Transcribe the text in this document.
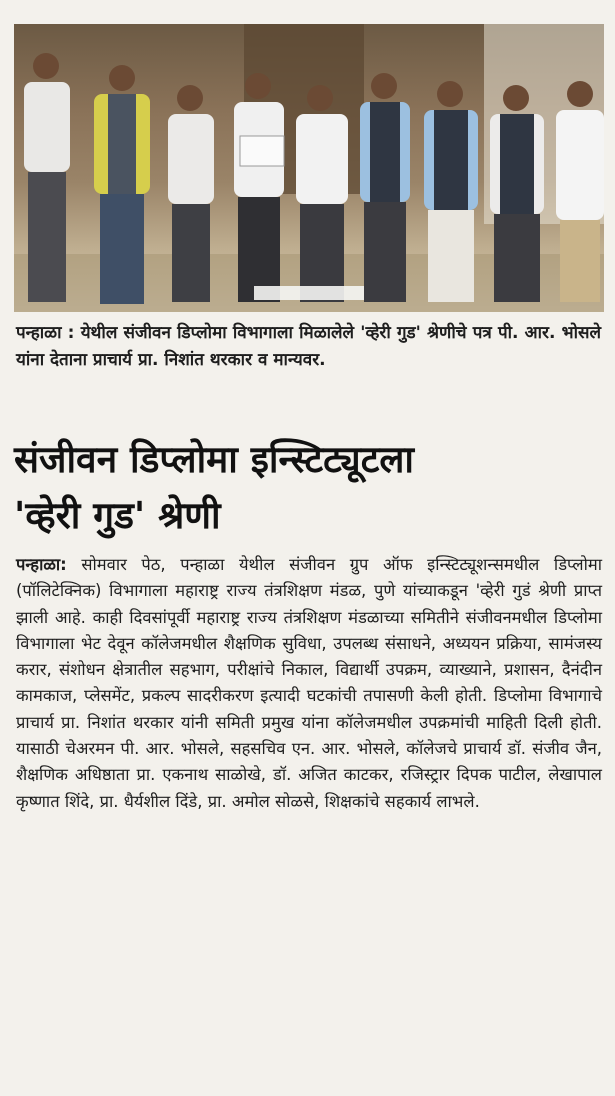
पन्हाळा : येथील संजीवन डिप्लोमा विभागाला मिळालेले 'व्हेरी गुड' श्रेणीचे पत्र पी. आर. भोसले यांना देताना प्राचार्य प्रा. निशांत थरकार व मान्यवर.
संजीवन डिप्लोमा इन्स्टिट्यूटला
'व्हेरी गुड' श्रेणी
पन्हाळा: सोमवार पेठ, पन्हाळा येथील संजीवन ग्रुप ऑफ इन्स्टिट्यूशन्समधील डिप्लोमा (पॉलिटेक्निक) विभागाला महाराष्ट्र राज्य तंत्रशिक्षण मंडळ, पुणे यांच्याकडून 'व्हेरी गुडं श्रेणी प्राप्त झाली आहे. काही दिवसांपूर्वी महाराष्ट्र राज्य तंत्रशिक्षण मंडळाच्या समितीने संजीवनमधील डिप्लोमा विभागाला भेट देवून कॉलेजमधील शैक्षणिक सुविधा, उपलब्ध संसाधने, अध्ययन प्रक्रिया, सामंजस्य करार, संशोधन क्षेत्रातील सहभाग, परीक्षांचे निकाल, विद्यार्थी उपक्रम, व्याख्याने, प्रशासन, दैनंदीन कामकाज, प्लेसमेंट, प्रकल्प सादरीकरण इत्यादी घटकांची तपासणी केली होती. डिप्लोमा विभागाचे प्राचार्य प्रा. निशांत थरकार यांनी समिती प्रमुख यांना कॉलेजमधील उपक्रमांची माहिती दिली होती. यासाठी चेअरमन पी. आर. भोसले, सहसचिव एन. आर. भोसले, कॉलेजचे प्राचार्य डॉ. संजीव जैन, शैक्षणिक अधिष्ठाता प्रा. एकनाथ साळोखे, डॉ. अजित काटकर, रजिस्ट्रार दिपक पाटील, लेखापाल कृष्णात शिंदे, प्रा. धैर्यशील दिंडे, प्रा. अमोल सोळसे, शिक्षकांचे सहकार्य लाभले.
